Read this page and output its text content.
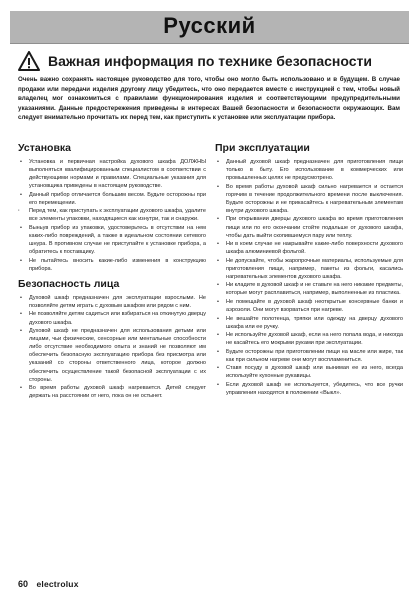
Русский
Важная информация по технике безопасности
Очень важно сохранять настоящее руководство для того, чтобы оно могло быть использовано и в будущем. В случае продажи или передачи изделия другому лицу убедитесь, что оно передается вместе с инструкцией с тем, чтобы новый владелец мог ознакомиться с правилами функционирования изделия и соответствующими предупредительными указаниями. Данные предостережения приведены в интересах Вашей безопасности и безопасности окружающих. Вам следует внимательно прочитать их перед тем, как приступить к установке или эксплуатации прибора.
Установка
• Установка и первичная настройка духового шкафа ДОЛЖНЫ выполняться квалифицированным специалистом в соответствии с действующими нормами и правилами. Специальные указания для установщика приведены в настоящем руководстве.
• Данный прибор отличается большим весом. Будьте осторожны при его перемещении.
· Перед тем, как приступать к эксплуатации духового шкафа, удалите все элементы упаковки, находящиеся как изнутри, так и снаружи.
• Выньув прибор из упаковки, удостоверьтесь в отсутствии на нем каких-либо повреждений, а также в идеальном состоянии сетевого шнура. В противном случае не приступайте к установке прибора, а обратитесь к поставщику.
• Не пытайтесь вносить какие-либо изменения в конструкцию прибора.
Безопасность лица
• Духовой шкаф предназначен для эксплуатации взрослыми. Не позволяйте детям играть с духовым шкафом или рядом с ним.
• Не позволяйте детям садиться или взбираться на откинутую дверцу духового шкафа.
• Духовой шкаф не предназначен для использования детьми или лицами, чьи физические, сенсорные или ментальные способности либо отсутствие необходимого опыта и знаний не позволяют им обеспечить безопасную эксплуатацию прибора без присмотра или указаний со стороны ответственного лица, которое должно обеспечить осуществление такой безопасной эксплуатации с их стороны.
• Во время работы духовой шкаф нагревается. Детей следует держать на расстоянии от него, пока он не остынет.
При эксплуатации
• Данный духовой шкаф предназначен для приготовления пищи только в быту. Его использование в коммерческих или промышленных целях не предусмотрено.
• Во время работы духовой шкаф сильно нагревается и остается горячим в течение продолжительного времени после выключения. Будьте осторожны и не прикасайтесь к нагревательным элементам внутри духового шкафа.
• При открывании дверцы духового шкафа во время приготовления пищи или по его окончании стойте подальше от духового шкафа, чтобы дать выйти скопившемуся пару или теплу.
• Ни в коем случае не накрывайте какие-либо поверхности духового шкафа алюминиевой фольгой.
• Не допускайте, чтобы жаропрочные материалы, используемые для приготовления пищи, например, пакеты из фольги, касались нагревательных элементов духового шкафа.
• Ни кладите в духовой шкаф и не ставьте на него никакие предметы, которые могут расплавиться, например, выполненные из пластика.
• Не помещайте в духовой шкаф неоткрытые консервные банки и аэрозоли. Они могут взорваться при нагреве.
• Не вешайте полотенца, тряпки или одежду на дверцу духового шкафа или ее ручку.
• Не используйте духовой шкаф, если на него попала вода, и никогда не касайтесь его мокрыми руками при эксплуатации.
• Будьте осторожны при приготовлении пищи на масле или жире, так как при сильном нагреве они могут воспламениться.
• Ставя посуду в духовой шкаф или вынимая ее из него, всегда используйте кухонные рукавицы.
• Если духовой шкаф не используется, убедитесь, что все ручки управления находятся в положении «Выкл».
60 electrolux
